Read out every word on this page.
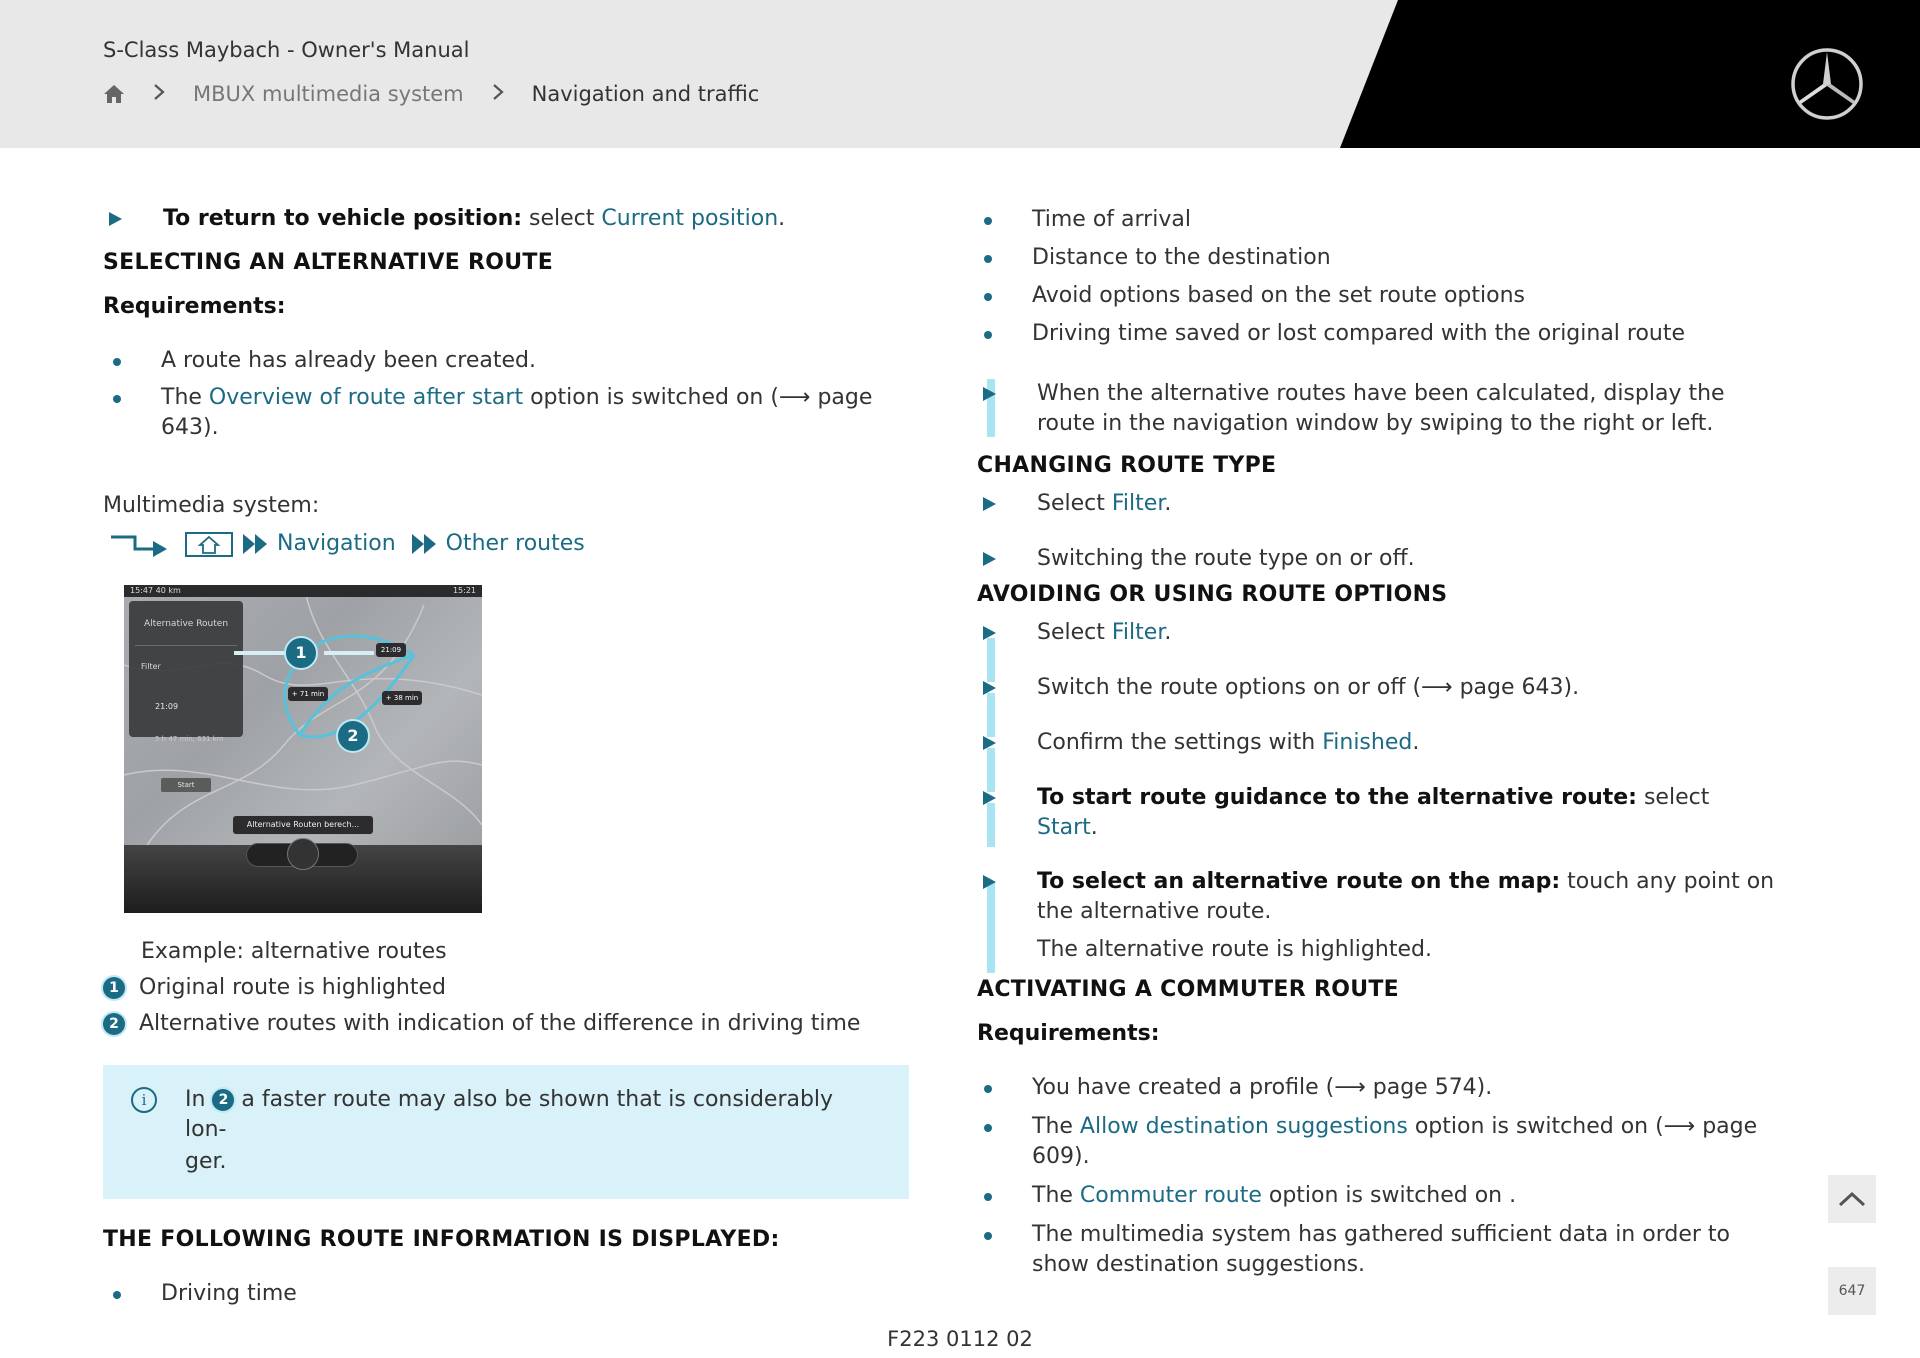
S-Class Maybach - Owner's Manual
MBUX multimedia system	Navigation and traffic
To return to vehicle position: select Current position.
SELECTING AN ALTERNATIVE ROUTE
Requirements:
A route has already been created.
The Overview of route after start option is switched on (⟶ page 643).
Multimedia system:
Navigation Other routes
15:47 40 km	15:21
Alternative Routen
Filter
21:09
5 h 47 min, 631 km
Start
1
2
21:09
+ 71 min	+ 38 min
Alternative Routen berech...
Example: alternative routes
1 Original route is highlighted
2 Alternative routes with indication of the difference in driving time
i	In 2 a faster route may also be shown that is considerably lon-
ger.
THE FOLLOWING ROUTE INFORMATION IS DISPLAYED:
Driving time
Time of arrival
Distance to the destination
Avoid options based on the set route options
Driving time saved or lost compared with the original route
When the alternative routes have been calculated, display the route in the navigation window by swiping to the right or left.
CHANGING ROUTE TYPE
Select Filter.
Switching the route type on or off.
AVOIDING OR USING ROUTE OPTIONS
Select Filter.
Switch the route options on or off (⟶ page 643).
Confirm the settings with Finished.
To start route guidance to the alternative route: select Start.
To select an alternative route on the map: touch any point on the alternative route.
The alternative route is highlighted.
ACTIVATING A COMMUTER ROUTE
Requirements:
You have created a profile (⟶ page 574).
The Allow destination suggestions option is switched on (⟶ page 609).
The Commuter route option is switched on .
The multimedia system has gathered sufficient data in order to show destination suggestions.
647
F223 0112 02
